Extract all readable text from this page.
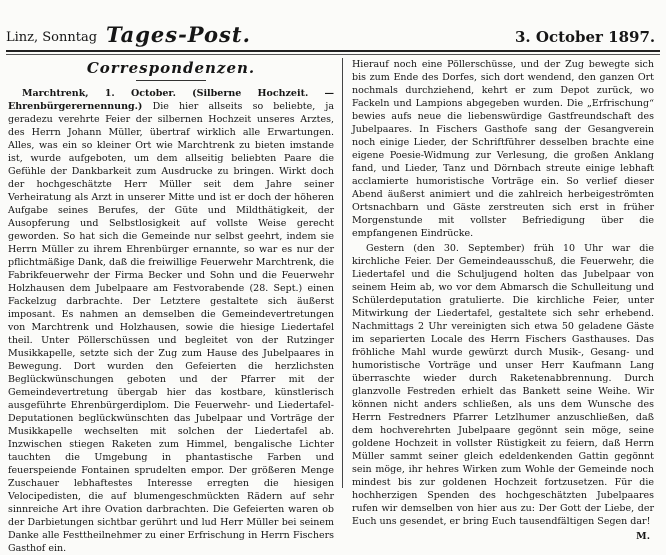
Linz, Sonntag Tages-Post.	3. October 1897.
Correspondenzen.

Marchtrenk, 1. October. (Silberne Hochzeit. — Ehrenbürgerernennung.) Die hier allseits so beliebte, ja geradezu verehrte Feier der silbernen Hochzeit unseres Arztes, des Herrn Johann Müller, übertraf wirklich alle Erwartungen. Alles, was ein so kleiner Ort wie Marchtrenk zu bieten imstande ist, wurde aufgeboten, um dem allseitig beliebten Paare die Gefühle der Dankbarkeit zum Ausdrucke zu bringen. Wirkt doch der hochgeschätzte Herr Müller seit dem Jahre seiner Verheiratung als Arzt in unserer Mitte und ist er doch der höheren Aufgabe seines Berufes, der Güte und Mildthätigkeit, der Ausopferung und Selbstlosigkeit auf vollste Weise gerecht geworden. So hat sich die Gemeinde nur selbst geehrt, indem sie Herrn Müller zu ihrem Ehrenbürger ernannte, so war es nur der pflichtmäßige Dank, daß die freiwillige Feuerwehr Marchtrenk, die Fabrikfeuerwehr der Firma Becker und Sohn und die Feuerwehr Holzhausen dem Jubelpaare am Festvorabende (28. Sept.) einen Fackelzug darbrachte. Der Letztere gestaltete sich äußerst imposant. Es nahmen an demselben die Gemeindevertretungen von Marchtrenk und Holzhausen, sowie die hiesige Liedertafel theil. Unter Pöllerschüssen und begleitet von der Rutzinger Musikkapelle, setzte sich der Zug zum Hause des Jubelpaares in Bewegung. Dort wurden den Gefeierten die herzlichsten Beglückwünschungen geboten und der Pfarrer mit der Gemeindevertretung übergab hier das kostbare, künstlerisch ausgeführte Ehrenbürgerdiplom. Die Feuerwehr- und Liedertafel-Deputationen beglückwünschten das Jubelpaar und Vorträge der Musikkapelle wechselten mit solchen der Liedertafel ab. Inzwischen stiegen Raketen zum Himmel, bengalische Lichter tauchten die Umgebung in phantastische Farben und feuerspeiende Fontainen sprudelten empor. Der größeren Menge Zuschauer lebhaftestes Interesse erregten die hiesigen Velocipedisten, die auf blumengeschmückten Rädern auf sehr sinnreiche Art ihre Ovation darbrachten. Die Gefeierten waren ob der Darbietungen sichtbar gerührt und lud Herr Müller bei seinem Danke alle Festtheilnehmer zu einer Erfrischung in Herrn Fischers Gasthof ein.

Hierauf noch eine Pöllerschüsse, und der Zug bewegte sich bis zum Ende des Dorfes, sich dort wendend, den ganzen Ort nochmals durchziehend, kehrt er zum Depot zurück, wo Fackeln und Lampions abgegeben wurden. Die „Erfrischung“ bewies aufs neue die liebenswürdige Gastfreundschaft des Jubelpaares. In Fischers Gasthofe sang der Gesangverein noch einige Lieder, der Schriftführer desselben brachte eine eigene Poesie-Widmung zur Verlesung, die großen Anklang fand, und Lieder, Tanz und Dörnbach streute einige lebhaft acclamierte humoristische Vorträge ein. So verlief dieser Abend äußerst animiert und die zahlreich herbeigeströmten Ortsnachbarn und Gäste zerstreuten sich erst in früher Morgenstunde mit vollster Befriedigung über die empfangenen Eindrücke.

Gestern (den 30. September) früh 10 Uhr war die kirchliche Feier. Der Gemeindeausschuß, die Feuerwehr, die Liedertafel und die Schuljugend holten das Jubelpaar von seinem Heim ab, wo vor dem Abmarsch die Schulleitung und Schülerdeputation gratulierte. Die kirchliche Feier, unter Mitwirkung der Liedertafel, gestaltete sich sehr erhebend. Nachmittags 2 Uhr vereinigten sich etwa 50 geladene Gäste im separierten Locale des Herrn Fischers Gasthauses. Das fröhliche Mahl wurde gewürzt durch Musik-, Gesang- und humoristische Vorträge und unser Herr Kaufmann Lang überraschte wieder durch Raketenabbrennung. Durch glanzvolle Festreden erhielt das Bankett seine Weihe. Wir können nicht anders schließen, als uns dem Wunsche des Herrn Festredners Pfarrer Letzlhumer anzuschließen, daß dem hochverehrten Jubelpaare gegönnt sein möge, seine goldene Hochzeit in vollster Rüstigkeit zu feiern, daß Herrn Müller sammt seiner gleich edeldenkenden Gattin gegönnt sein möge, ihr hehres Wirken zum Wohle der Gemeinde noch mindest bis zur goldenen Hochzeit fortzusetzen. Für die hochherzigen Spenden des hochgeschätzten Jubelpaares rufen wir demselben von hier aus zu: Der Gott der Liebe, der Euch uns gesendet, er bring Euch tausendfältigen Segen dar!

M.
